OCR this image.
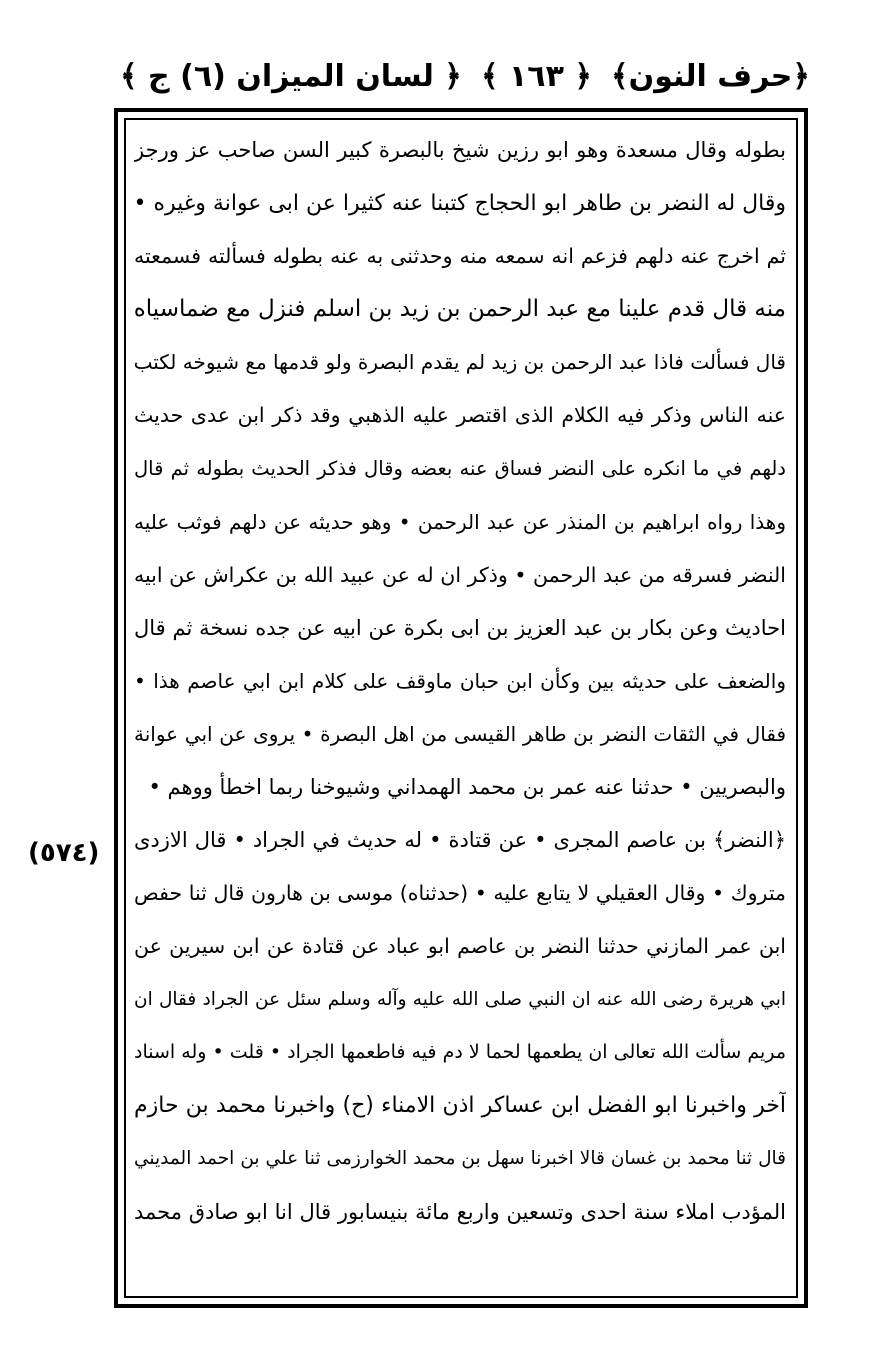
﴿حرف النون﴾
﴿ ١٦٣ ﴾
﴿ لسان الميزان (٦) ج ﴾
(٥٧٤)
بطوله وقال مسعدة وهو ابو رزين شيخ بالبصرة كبير السن صاحب عز ورجز
وقال له النضر بن طاهر ابو الحجاج كتبنا عنه كثيرا عن ابى عوانة وغيره •
ثم اخرج عنه دلهم فزعم انه سمعه منه وحدثنى به عنه بطوله فسألته فسمعته
منه قال قدم علينا مع عبد الرحمن بن زيد بن اسلم فنزل مع ضماسياه
قال فسألت فاذا عبد الرحمن بن زيد لم يقدم البصرة ولو قدمها مع شيوخه لكتب
عنه الناس وذكر فيه الكلام الذى اقتصر عليه الذهبي وقد ذكر ابن عدى حديث
دلهم في ما انكره على النضر فساق عنه بعضه وقال فذكر الحديث بطوله ثم قال
وهذا رواه ابراهيم بن المنذر عن عبد الرحمن • وهو حديثه عن دلهم فوثب عليه
النضر فسرقه من عبد الرحمن • وذكر ان له عن عبيد الله بن عكراش عن ابيه
احاديث وعن بكار بن عبد العزيز بن ابى بكرة عن ابيه عن جده نسخة ثم قال
والضعف على حديثه بين وكأن ابن حبان ماوقف على كلام ابن ابي عاصم هذا •
فقال في الثقات النضر بن طاهر القيسى من اهل البصرة • يروى عن ابي عوانة
والبصريين • حدثنا عنه عمر بن محمد الهمداني وشيوخنا ربما اخطأ ووهم •
﴿النضر﴾ بن عاصم المجرى • عن قتادة • له حديث في الجراد • قال الازدى
متروك • وقال العقيلي لا يتابع عليه • (حدثناه) موسى بن هارون قال ثنا حفص
ابن عمر المازني حدثنا النضر بن عاصم ابو عباد عن قتادة عن ابن سيرين عن
ابي هريرة رضى الله عنه ان النبي صلى الله عليه وآله وسلم سئل عن الجراد فقال ان
مريم سألت الله تعالى ان يطعمها لحما لا دم فيه فاطعمها الجراد • قلت • وله اسناد
آخر واخبرنا ابو الفضل ابن عساكر اذن الامناء (ح) واخبرنا محمد بن حازم
قال ثنا محمد بن غسان قالا اخبرنا سهل بن محمد الخوارزمى ثنا علي بن احمد المديني
المؤدب املاء سنة احدى وتسعين واربع مائة بنيسابور قال انا ابو صادق محمد
